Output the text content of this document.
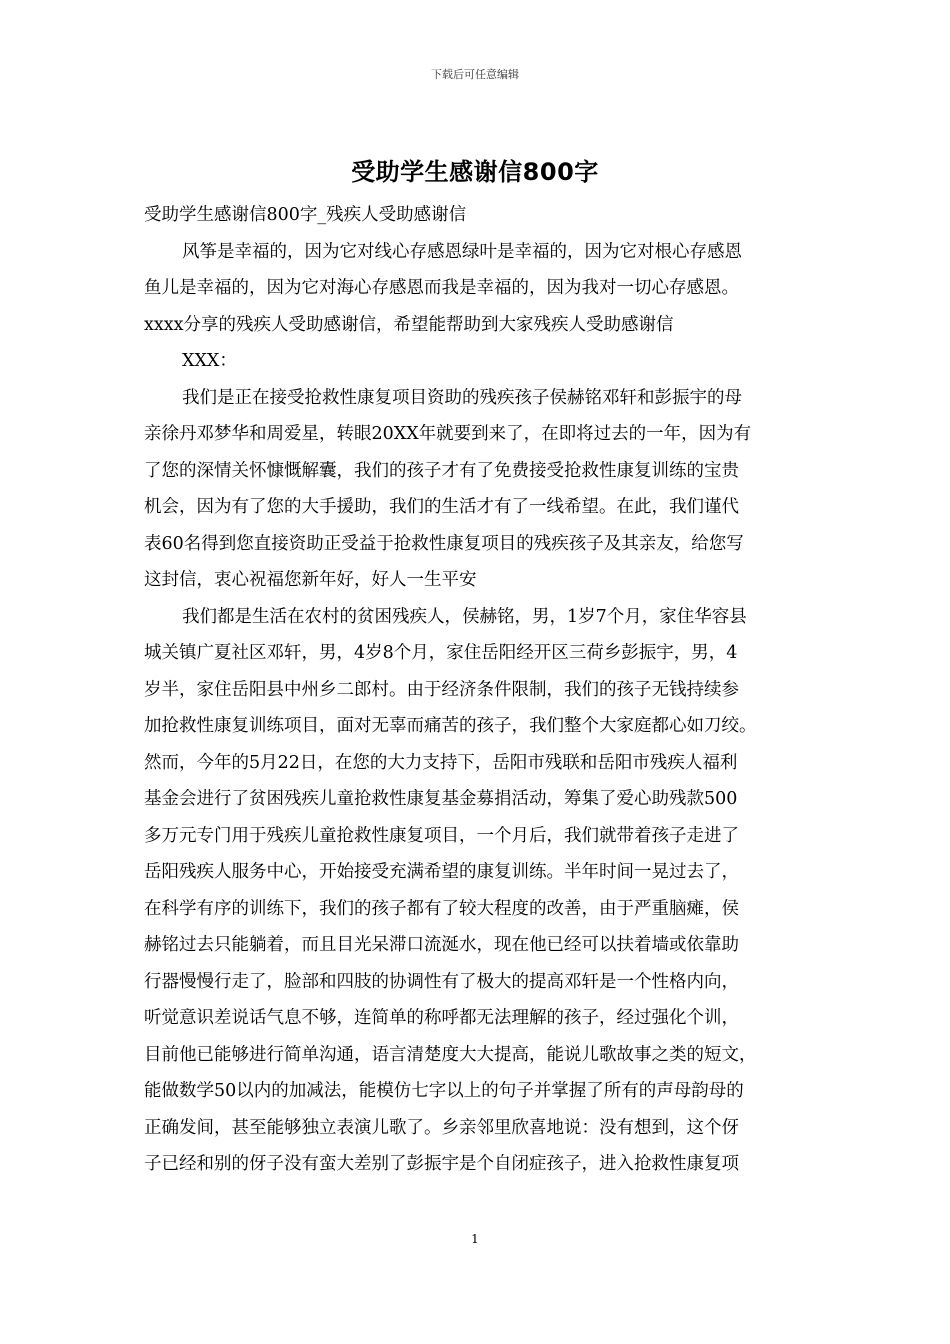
下载后可任意编辑
受助学生感谢信800字
受助学生感谢信800字_残疾人受助感谢信
风筝是幸福的，因为它对线心存感恩绿叶是幸福的，因为它对根心存感恩
鱼儿是幸福的，因为它对海心存感恩而我是幸福的，因为我对一切心存感恩。
xxxx分享的残疾人受助感谢信，希望能帮助到大家残疾人受助感谢信
XXX：
我们是正在接受抢救性康复项目资助的残疾孩子侯赫铭邓轩和彭振宇的母
亲徐丹邓梦华和周爱星，转眼20XX年就要到来了，在即将过去的一年，因为有
了您的深情关怀慷慨解囊，我们的孩子才有了免费接受抢救性康复训练的宝贵
机会，因为有了您的大手援助，我们的生活才有了一线希望。在此，我们谨代
表60名得到您直接资助正受益于抢救性康复项目的残疾孩子及其亲友，给您写
这封信，衷心祝福您新年好，好人一生平安
我们都是生活在农村的贫困残疾人，侯赫铭，男，1岁7个月，家住华容县
城关镇广夏社区邓轩，男，4岁8个月，家住岳阳经开区三荷乡彭振宇，男，4
岁半，家住岳阳县中州乡二郎村。由于经济条件限制，我们的孩子无钱持续参
加抢救性康复训练项目，面对无辜而痛苦的孩子，我们整个大家庭都心如刀绞。
然而，今年的5月22日，在您的大力支持下，岳阳市残联和岳阳市残疾人福利
基金会进行了贫困残疾儿童抢救性康复基金募捐活动，筹集了爱心助残款500
多万元专门用于残疾儿童抢救性康复项目，一个月后，我们就带着孩子走进了
岳阳残疾人服务中心，开始接受充满希望的康复训练。半年时间一晃过去了，
在科学有序的训练下，我们的孩子都有了较大程度的改善，由于严重脑瘫，侯
赫铭过去只能躺着，而且目光呆滞口流涎水，现在他已经可以扶着墙或依靠助
行器慢慢行走了，脸部和四肢的协调性有了极大的提高邓轩是一个性格内向，
听觉意识差说话气息不够，连简单的称呼都无法理解的孩子，经过强化个训，
目前他已能够进行简单沟通，语言清楚度大大提高，能说儿歌故事之类的短文，
能做数学50以内的加减法，能模仿七字以上的句子并掌握了所有的声母韵母的
正确发间，甚至能够独立表演儿歌了。乡亲邻里欣喜地说：没有想到，这个伢
子已经和别的伢子没有蛮大差别了彭振宇是个自闭症孩子，进入抢救性康复项
1
